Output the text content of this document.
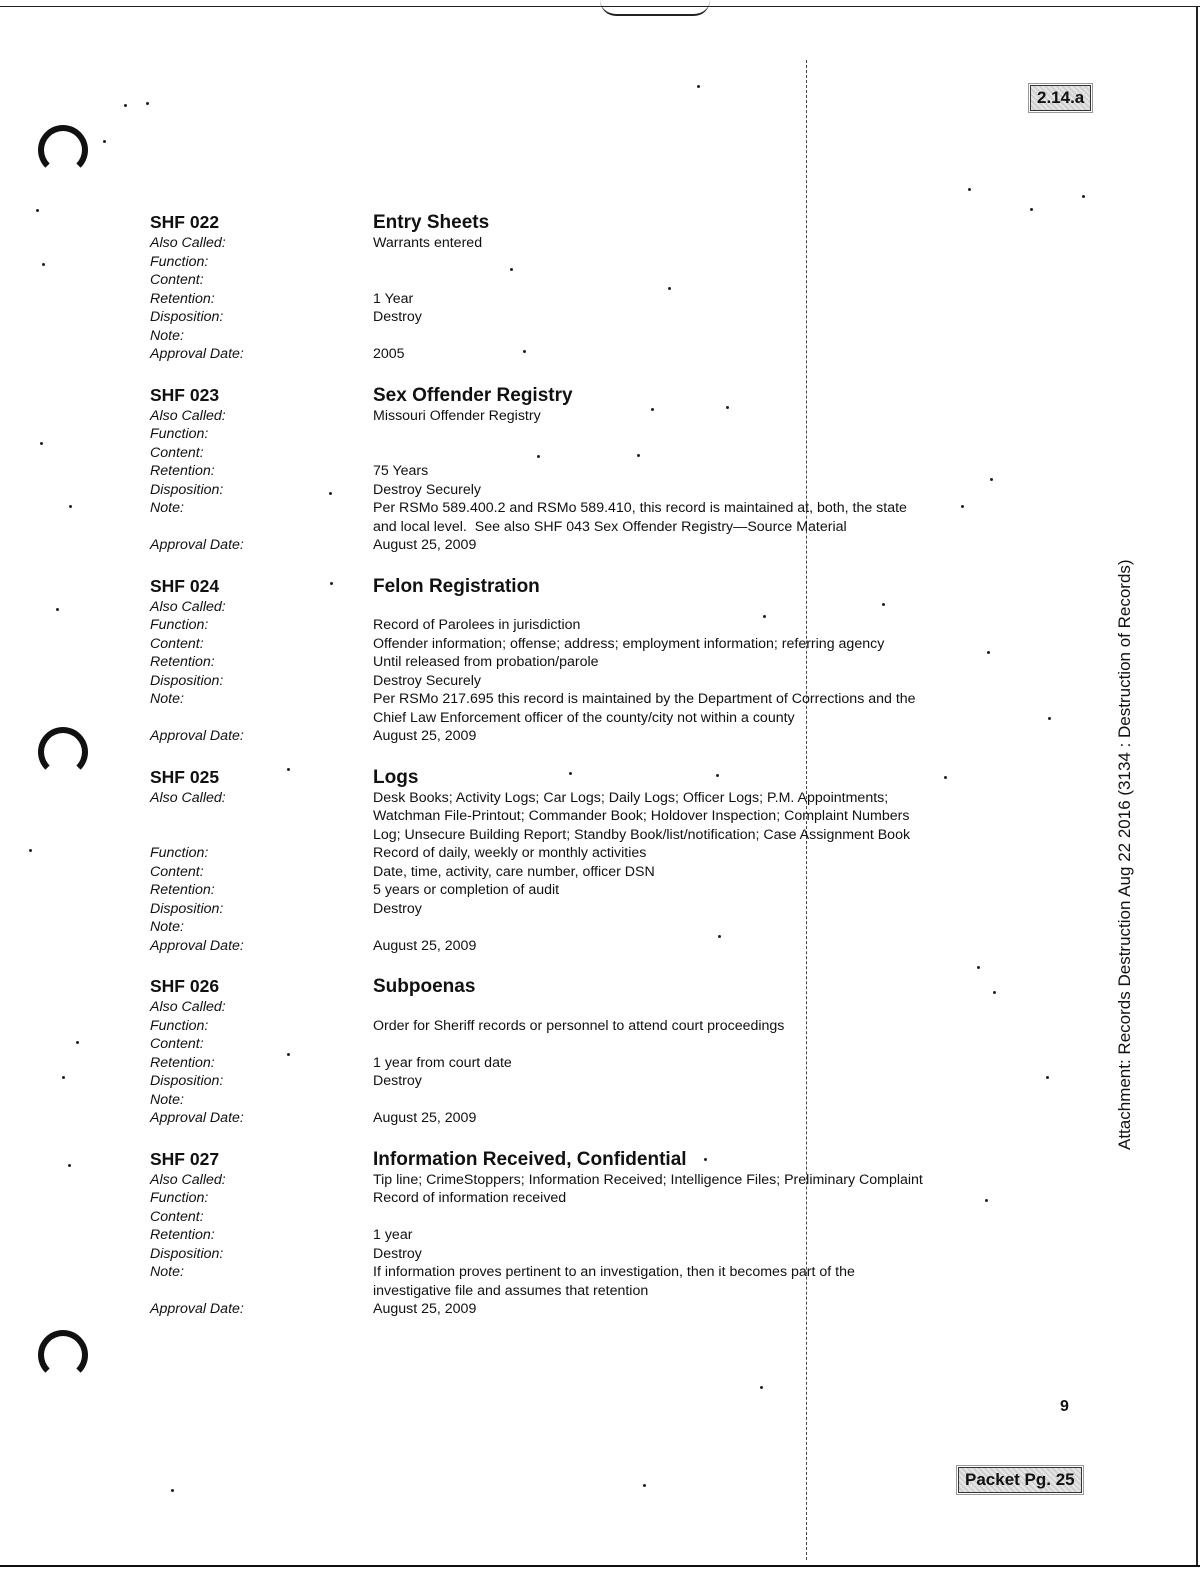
2.14.a
Attachment: Records Destruction Aug 22 2016 (3134 : Destruction of Records)
SHF 022	Entry Sheets
Also Called:	Warrants entered
Function:
Content:
Retention:	1 Year
Disposition:	Destroy
Note:
Approval Date:	2005
SHF 023	Sex Offender Registry
Also Called:	Missouri Offender Registry
Function:
Content:
Retention:	75 Years
Disposition:	Destroy Securely
Note:	Per RSMo 589.400.2 and RSMo 589.410, this record is maintained at, both, the state
and local level.  See also SHF 043 Sex Offender Registry—Source Material
Approval Date:	August 25, 2009
SHF 024	Felon Registration
Also Called:
Function:	Record of Parolees in jurisdiction
Content:	Offender information; offense; address; employment information; referring agency
Retention:	Until released from probation/parole
Disposition:	Destroy Securely
Note:	Per RSMo 217.695 this record is maintained by the Department of Corrections and the
Chief Law Enforcement officer of the county/city not within a county
Approval Date:	August 25, 2009
SHF 025	Logs
Also Called:	Desk Books; Activity Logs; Car Logs; Daily Logs; Officer Logs; P.M. Appointments;
Watchman File-Printout; Commander Book; Holdover Inspection; Complaint Numbers
Log; Unsecure Building Report; Standby Book/list/notification; Case Assignment Book
Function:	Record of daily, weekly or monthly activities
Content:	Date, time, activity, care number, officer DSN
Retention:	5 years or completion of audit
Disposition:	Destroy
Note:
Approval Date:	August 25, 2009
SHF 026	Subpoenas
Also Called:
Function:	Order for Sheriff records or personnel to attend court proceedings
Content:
Retention:	1 year from court date
Disposition:	Destroy
Note:
Approval Date:	August 25, 2009
SHF 027	Information Received, Confidential
Also Called:	Tip line; CrimeStoppers; Information Received; Intelligence Files; Preliminary Complaint
Function:	Record of information received
Content:
Retention:	1 year
Disposition:	Destroy
Note:	If information proves pertinent to an investigation, then it becomes part of the
investigative file and assumes that retention
Approval Date:	August 25, 2009
9
Packet Pg. 25
